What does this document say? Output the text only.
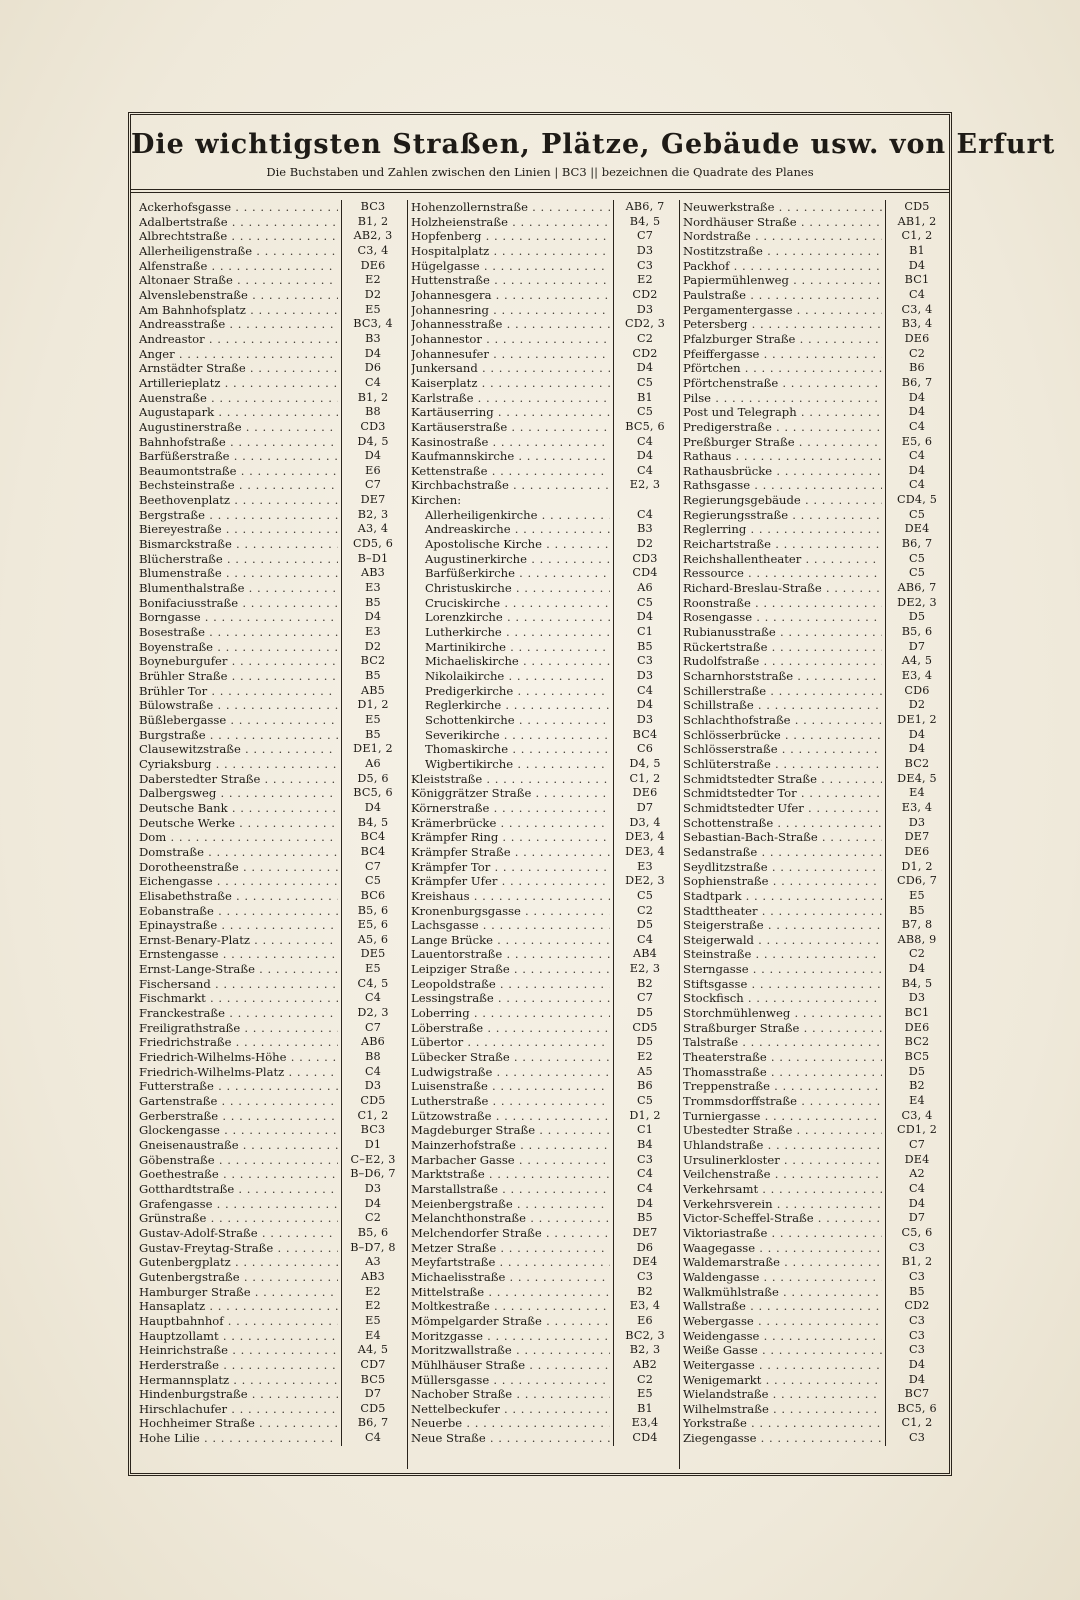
Die wichtigsten Straßen, Plätze, Gebäude usw. von Erfurt

Die Buchstaben und Zahlen zwischen den Linien | BC3 || bezeichnen die Quadrate des Planes

Ackerhofsgasse . . .	BC3
Adalbertstraße . . .	B1, 2
Albrechtstraße . . .	AB2, 3
Allerheiligenstraße . . .	C3, 4
Alfenstraße . . .	DE6
Altonaer Straße . . .	E2
Alvenslebenstraße . . .	D2
Am Bahnhofsplatz . . .	E5
Andreasstraße . . .	BC3, 4
Andreastor . . .	B3
Anger . . .	D4
Arnstädter Straße . . .	D6
Artillerieplatz . . .	C4
Auenstraße . . .	B1, 2
Augustapark . . .	B8
Augustinerstraße . . .	CD3
Bahnhofstraße . . .	D4, 5
Barfüßerstraße . . .	D4
Beaumontstraße . . .	E6
Bechsteinstraße . . .	C7
Beethovenplatz . . .	DE7
Bergstraße . . .	B2, 3
Biereyestraße . . .	A3, 4
Bismarckstraße . . .	CD5, 6
Blücherstraße . . .	B–D1
Blumenstraße . . .	AB3
Blumenthalstraße . . .	E3
Bonifaciusstraße . . .	B5
Borngasse . . .	D4
Bosestraße . . .	E3
Boyenstraße . . .	D2
Boyneburgufer . . .	BC2
Brühler Straße . . .	B5
Brühler Tor . . .	AB5
Bülowstraße . . .	D1, 2
Büßlebergasse . . .	E5
Burgstraße . . .	B5
Clausewitzstraße . . .	DE1, 2
Cyriaksburg . . .	A6
Daberstedter Straße . . .	D5, 6
Dalbergsweg . . .	BC5, 6
Deutsche Bank . . .	D4
Deutsche Werke . . .	B4, 5
Dom . . .	BC4
Domstraße . . .	BC4
Dorotheenstraße . . .	C7
Eichengasse . . .	C5
Elisabethstraße . . .	BC6
Eobanstraße . . .	B5, 6
Epinaystraße . . .	E5, 6
Ernst-Benary-Platz . . .	A5, 6
Ernstengasse . . .	DE5
Ernst-Lange-Straße . . .	E5
Fischersand . . .	C4, 5
Fischmarkt . . .	C4
Franckestraße . . .	D2, 3
Freiligrathstraße . . .	C7
Friedrichstraße . . .	AB6
Friedrich-Wilhelms-Höhe . . .	B8
Friedrich-Wilhelms-Platz . . .	C4
Futterstraße . . .	D3
Gartenstraße . . .	CD5
Gerberstraße . . .	C1, 2
Glockengasse . . .	BC3
Gneisenaustraße . . .	D1
Göbenstraße . . .	C–E2, 3
Goethestraße . . .	B–D6, 7
Gotthardtstraße . . .	D3
Grafengasse . . .	D4
Grünstraße . . .	C2
Gustav-Adolf-Straße . . .	B5, 6
Gustav-Freytag-Straße . . .	B–D7, 8
Gutenbergplatz . . .	A3
Gutenbergstraße . . .	AB3
Hamburger Straße . . .	E2
Hansaplatz . . .	E2
Hauptbahnhof . . .	E5
Hauptzollamt . . .	E4
Heinrichstraße . . .	A4, 5
Herderstraße . . .	CD7
Hermannsplatz . . .	BC5
Hindenburgstraße . . .	D7
Hirschlachufer . . .	CD5
Hochheimer Straße . . .	B6, 7
Hohe Lilie . . .	C4
Hohenzollernstraße . . .	AB6, 7
Holzheienstraße . . .	B4, 5
Hopfenberg . . .	C7
Hospitalplatz . . .	D3
Hügelgasse . . .	C3
Huttenstraße . . .	E2
Johannesgera . . .	CD2
Johannesring . . .	D3
Johannesstraße . . .	CD2, 3
Johannestor . . .	C2
Johannesufer . . .	CD2
Junkersand . . .	D4
Kaiserplatz . . .	C5
Karlstraße . . .	B1
Kartäuserring . . .	C5
Kartäuserstraße . . .	BC5, 6
Kasinostraße . . .	C4
Kaufmannskirche . . .	D4
Kettenstraße . . .	C4
Kirchbachstraße . . .	E2, 3
Kirchen:
Allerheiligenkirche . . .	C4
Andreaskirche . . .	B3
Apostolische Kirche . . .	D2
Augustinerkirche . . .	CD3
Barfüßerkirche . . .	CD4
Christuskirche . . .	A6
Cruciskirche . . .	C5
Lorenzkirche . . .	D4
Lutherkirche . . .	C1
Martinikirche . . .	B5
Michaeliskirche . . .	C3
Nikolaikirche . . .	D3
Predigerkirche . . .	C4
Reglerkirche . . .	D4
Schottenkirche . . .	D3
Severikirche . . .	BC4
Thomaskirche . . .	C6
Wigbertikirche . . .	D4, 5
Kleiststraße . . .	C1, 2
Königgrätzer Straße . . .	DE6
Körnerstraße . . .	D7
Krämerbrücke . . .	D3, 4
Krämpfer Ring . . .	DE3, 4
Krämpfer Straße . . .	DE3, 4
Krämpfer Tor . . .	E3
Krämpfer Ufer . . .	DE2, 3
Kreishaus . . .	C5
Kronenburgsgasse . . .	C2
Lachsgasse . . .	D5
Lange Brücke . . .	C4
Lauentorstraße . . .	AB4
Leipziger Straße . . .	E2, 3
Leopoldstraße . . .	B2
Lessingstraße . . .	C7
Loberring . . .	D5
Löberstraße . . .	CD5
Lübertor . . .	D5
Lübecker Straße . . .	E2
Ludwigstraße . . .	A5
Luisenstraße . . .	B6
Lutherstraße . . .	C5
Lützowstraße . . .	D1, 2
Magdeburger Straße . . .	C1
Mainzerhofstraße . . .	B4
Marbacher Gasse . . .	C3
Marktstraße . . .	C4
Marstallstraße . . .	C4
Meienbergstraße . . .	D4
Melanchthonstraße . . .	B5
Melchendorfer Straße . . .	DE7
Metzer Straße . . .	D6
Meyfartstraße . . .	DE4
Michaelisstraße . . .	C3
Mittelstraße . . .	B2
Moltkestraße . . .	E3, 4
Mömpelgarder Straße . . .	E6
Moritzgasse . . .	BC2, 3
Moritzwallstraße . . .	B2, 3
Mühlhäuser Straße . . .	AB2
Müllersgasse . . .	C2
Nachober Straße . . .	E5
Nettelbeckufer . . .	B1
Neuerbe . . .	E3,4
Neue Straße . . .	CD4
Neuwerkstraße . . .	CD5
Nordhäuser Straße . . .	AB1, 2
Nordstraße . . .	C1, 2
Nostitzstraße . . .	B1
Packhof . . .	D4
Papiermühlenweg . . .	BC1
Paulstraße . . .	C4
Pergamentergasse . . .	C3, 4
Petersberg . . .	B3, 4
Pfalzburger Straße . . .	DE6
Pfeiffergasse . . .	C2
Pförtchen . . .	B6
Pförtchenstraße . . .	B6, 7
Pilse . . .	D4
Post und Telegraph . . .	D4
Predigerstraße . . .	C4
Preßburger Straße . . .	E5, 6
Rathaus . . .	C4
Rathausbrücke . . .	D4
Rathsgasse . . .	C4
Regierungsgebäude . . .	CD4, 5
Regierungsstraße . . .	C5
Reglerring . . .	DE4
Reichartstraße . . .	B6, 7
Reichshallentheater . . .	C5
Ressource . . .	C5
Richard-Breslau-Straße . . .	AB6, 7
Roonstraße . . .	DE2, 3
Rosengasse . . .	D5
Rubianusstraße . . .	B5, 6
Rückertstraße . . .	D7
Rudolfstraße . . .	A4, 5
Scharnhorststraße . . .	E3, 4
Schillerstraße . . .	CD6
Schillstraße . . .	D2
Schlachthofstraße . . .	DE1, 2
Schlösserbrücke . . .	D4
Schlösserstraße . . .	D4
Schlüterstraße . . .	BC2
Schmidtstedter Straße . . .	DE4, 5
Schmidtstedter Tor . . .	E4
Schmidtstedter Ufer . . .	E3, 4
Schottenstraße . . .	D3
Sebastian-Bach-Straße . . .	DE7
Sedanstraße . . .	DE6
Seydlitzstraße . . .	D1, 2
Sophienstraße . . .	CD6, 7
Stadtpark . . .	E5
Stadttheater . . .	B5
Steigerstraße . . .	B7, 8
Steigerwald . . .	AB8, 9
Steinstraße . . .	C2
Sterngasse . . .	D4
Stiftsgasse . . .	B4, 5
Stockfisch . . .	D3
Storchmühlenweg . . .	BC1
Straßburger Straße . . .	DE6
Talstraße . . .	BC2
Theaterstraße . . .	BC5
Thomasstraße . . .	D5
Treppenstraße . . .	B2
Trommsdorffstraße . . .	E4
Turniergasse . . .	C3, 4
Ubestedter Straße . . .	CD1, 2
Uhlandstraße . . .	C7
Ursulinerkloster . . .	DE4
Veilchenstraße . . .	A2
Verkehrsamt . . .	C4
Verkehrsverein . . .	D4
Victor-Scheffel-Straße . . .	D7
Viktoriastraße . . .	C5, 6
Waagegasse . . .	C3
Waldemarstraße . . .	B1, 2
Waldengasse . . .	C3
Walkmühlstraße . . .	B5
Wallstraße . . .	CD2
Webergasse . . .	C3
Weidengasse . . .	C3
Weiße Gasse . . .	C3
Weitergasse . . .	D4
Wenigemarkt . . .	D4
Wielandstraße . . .	BC7
Wilhelmstraße . . .	BC5, 6
Yorkstraße . . .	C1, 2
Ziegengasse . . .	C3
